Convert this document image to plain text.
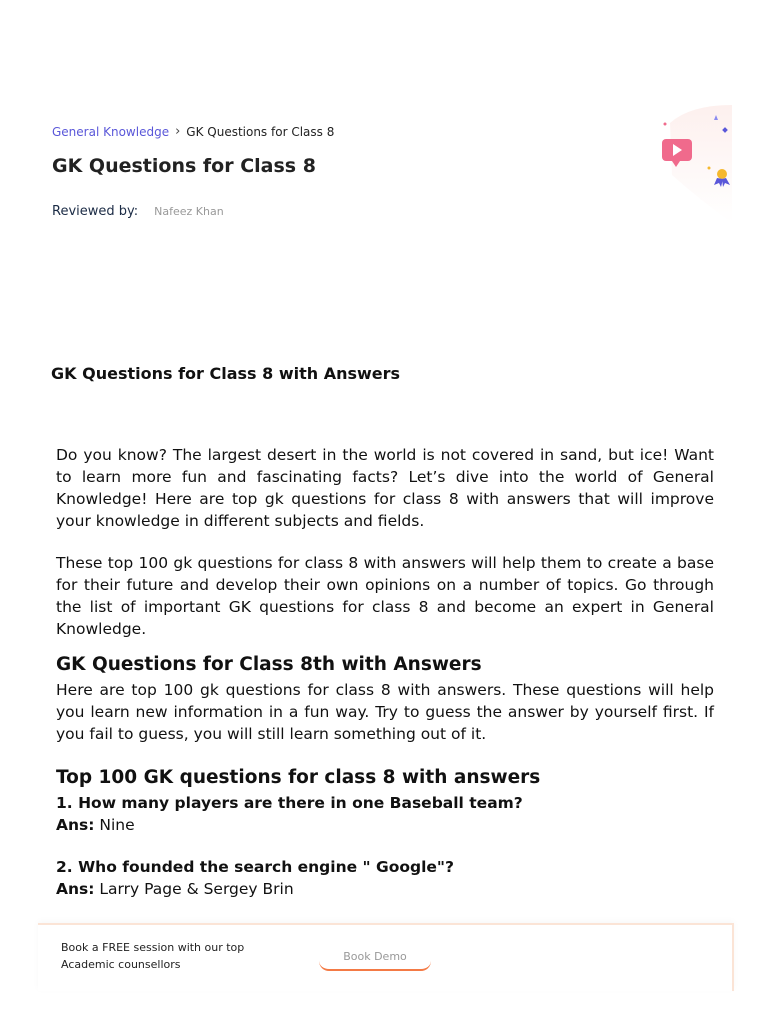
General Knowledge › GK Questions for Class 8
GK Questions for Class 8
Reviewed by: Nafeez Khan
GK Questions for Class 8 with Answers

Do you know? The largest desert in the world is not covered in sand, but ice! Want to learn more fun and fascinating facts? Let’s dive into the world of General Knowledge! Here are top gk questions for class 8 with answers that will improve your knowledge in different subjects and fields.

These top 100 gk questions for class 8 with answers will help them to create a base for their future and develop their own opinions on a number of topics. Go through the list of important GK questions for class 8 and become an expert in General Knowledge.

GK Questions for Class 8th with Answers

Here are top 100 gk questions for class 8 with answers. These questions will help you learn new information in a fun way. Try to guess the answer by yourself first. If you fail to guess, you will still learn something out of it.

Top 100 GK questions for class 8 with answers

1. How many players are there in one Baseball team?

Ans: Nine

2. Who founded the search engine " Google"?

Ans: Larry Page & Sergey Brin

Book a FREE session with our top Academic counsellors
Book Demo
